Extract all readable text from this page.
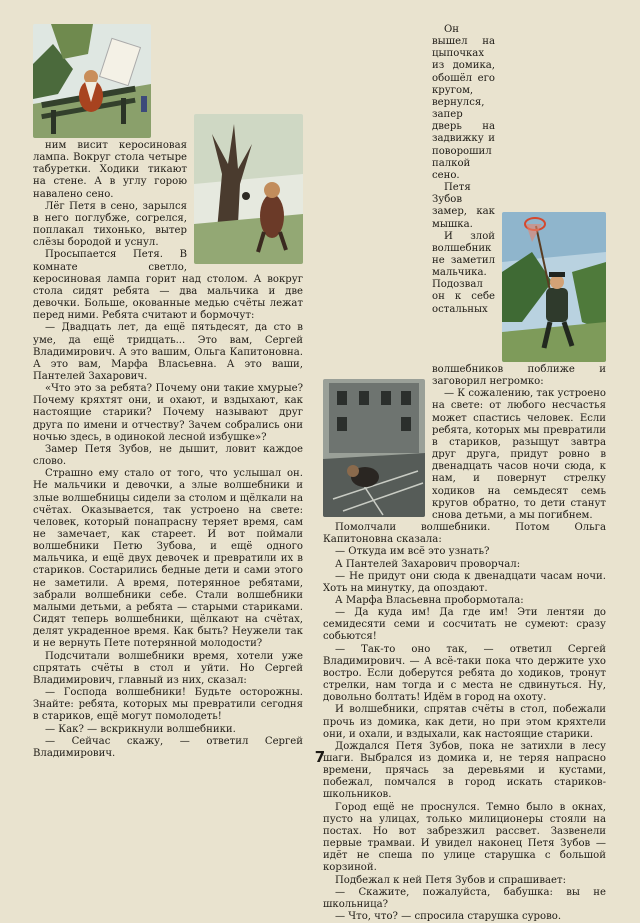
ним висит керосиновая лампа. Вокруг стола четыре табуретки. Ходики тикают на стене. А в углу горою навалено сено.

Лёг Петя в сено, зарылся в него поглубже, согрелся, поплакал тихонько, вытер слёзы бородой и уснул.

Просыпается Петя. В комнате светло, керосиновая лампа горит над столом. А вокруг стола сидят ребята — два мальчика и две девочки. Больше, окованные медью счёты лежат перед ними. Ребята считают и бормочут:

— Двадцать лет, да ещё пятьдесят, да сто в уме, да ещё тридцать... Это вам, Сергей Владимирович. А это вашим, Ольга Капитоновна. А это вам, Марфа Власьевна. А это ваши, Пантелей Захарович.

«Что это за ребята? Почему они такие хмурые? Почему кряхтят они, и охают, и вздыхают, как настоящие старики? Почему называют друг друга по имени и отчеству? Зачем собрались они ночью здесь, в одинокой лесной избушке»?

Замер Петя Зубов, не дышит, ловит каждое слово.

Страшно ему стало от того, что услышал он. Не мальчики и девочки, а злые волшебники и злые волшебницы сидели за столом и щёлкали на счётах. Оказывается, так устроено на свете: человек, который понапрасну теряет время, сам не замечает, как стареет. И вот поймали волшебники Петю Зубова, и ещё одного мальчика, и ещё двух девочек и превратили их в стариков. Состарились бедные дети и сами этого не заметили. А время, потерянное ребятами, забрали волшебники себе. Стали волшебники малыми детьми, а ребята — старыми стариками. Сидят теперь волшебники, щёлкают на счётах, делят украденное время. Как быть? Неужели так и не вернуть Пете потерянной молодости?

Подсчитали волшебники время, хотели уже спрятать счёты в стол и уйти. Но Сергей Владимирович, главный из них, сказал:

— Господа волшебники! Будьте осторожны. Знайте: ребята, которых мы превратили сегодня в стариков, ещё могут помолодеть!

— Как? — вскрикнули волшебники.

— Сейчас скажу, — ответил Сергей Владимирович.

Он вышел на цыпочках из домика, обошёл его кругом, вернулся, запер дверь на задвижку и поворошил палкой сено.

Петя Зубов замер, как мышка.

И злой волшебник не заметил мальчика. Подозвал он к себе остальных волшебников поближе и заговорил негромко:

— К сожалению, так устроено на свете: от любого несчастья может спастись человек. Если ребята, которых мы превратили в стариков, разыщут завтра друг друга, придут ровно в двенадцать часов ночи сюда, к нам, и повернут стрелку ходиков на семьдесят семь кругов обратно, то дети станут снова детьми, а мы погибнем.

Помолчали волшебники. Потом Ольга Капитоновна сказала:

— Откуда им всё это узнать?

А Пантелей Захарович проворчал:

— Не придут они сюда к двенадцати часам ночи. Хоть на минутку, да опоздают.

А Марфа Власьевна пробормотала:

— Да куда им! Да где им! Эти лентяи до семидесяти семи и сосчитать не сумеют: сразу собьются!

— Так-то оно так, — ответил Сергей Владимирович. — А всё-таки пока что держите ухо востро. Если доберутся ребята до ходиков, тронут стрелки, нам тогда и с места не сдвинуться. Ну, довольно болтать! Идём в город на охоту.

И волшебники, спрятав счёты в стол, побежали прочь из домика, как дети, но при этом кряхтели они, и охали, и вздыхали, как настоящие старики.

Дождался Петя Зубов, пока не затихли в лесу шаги. Выбрался из домика и, не теряя напрасно времени, прячась за деревьями и кустами, побежал, помчался в город искать стариков-школьников.

Город ещё не проснулся. Темно было в окнах, пусто на улицах, только милиционеры стояли на постах. Но вот забрезжил рассвет. Зазвенели первые трамваи. И увидел наконец Петя Зубов — идёт не спеша по улице старушка с большой корзиной.

Подбежал к ней Петя Зубов и спрашивает:

— Скажите, пожалуйста, бабушка: вы не школьница?

— Что, что? — спросила старушка сурово.

7
